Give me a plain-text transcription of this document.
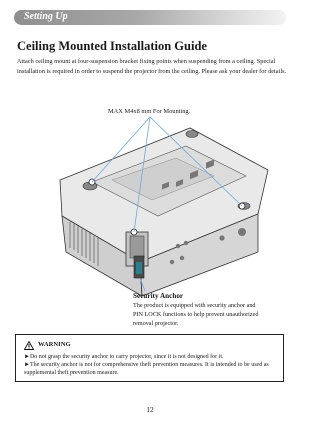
Setting Up
Ceiling Mounted Installation Guide

Attach ceiling mount at four-suspension bracket fixing points when suspending from a ceiling. Special installation is required in order to suspend the projector from the ceiling. Please ask your dealer for details.

MAX M4x8 mm For Mounting.
Security Anchor

The product is equipped with security anchor and PIN LOCK functions to help prevent unauthorized removal projector.

WARNING

►Do not grasp the security anchor to carry projector, since it is not designed for it.

►The security anchor is not for comprehensive theft prevention measures. It is intended to be used as supplemental theft prevention measure.

12
